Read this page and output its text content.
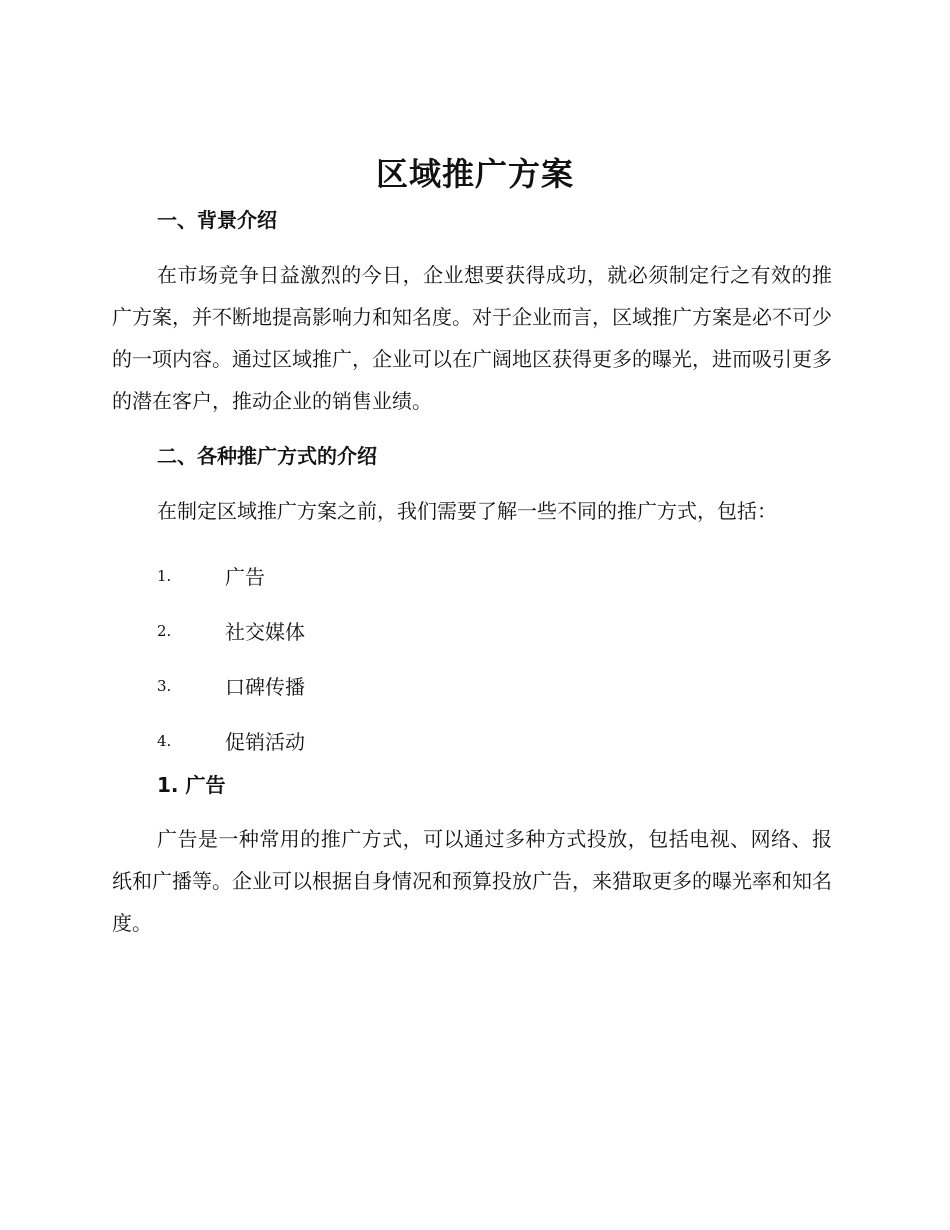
区域推广方案
一、背景介绍

在市场竞争日益激烈的今日，企业想要获得成功，就必须制定行之有效的推广方案，并不断地提高影响力和知名度。对于企业而言，区域推广方案是必不可少的一项内容。通过区域推广，企业可以在广阔地区获得更多的曝光，进而吸引更多的潜在客户，推动企业的销售业绩。

二、各种推广方式的介绍

在制定区域推广方案之前，我们需要了解一些不同的推广方式，包括：

1.	广告
2.	社交媒体
3.	口碑传播
4.	促销活动
1. 广告

广告是一种常用的推广方式，可以通过多种方式投放，包括电视、网络、报纸和广播等。企业可以根据自身情况和预算投放广告，来猎取更多的曝光率和知名度。
